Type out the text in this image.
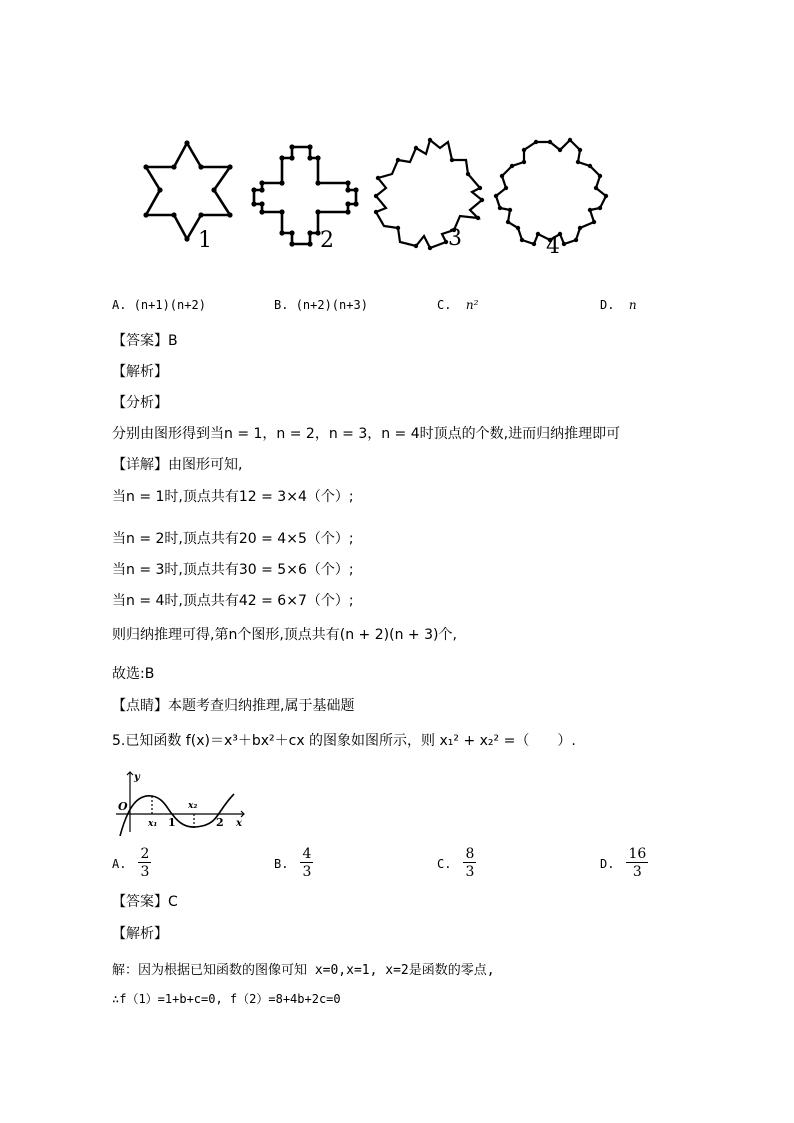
1	2	3	4
A. (n+1)(n+2)	B. (n+2)(n+3)	C. n²	D. n
【答案】B
【解析】
【分析】
分别由图形得到当n = 1，n = 2，n = 3，n = 4时顶点的个数,进而归纳推理即可
【详解】由图形可知,
当n = 1时,顶点共有12 = 3×4（个）;
当n = 2时,顶点共有20 = 4×5（个）;
当n = 3时,顶点共有30 = 5×6（个）;
当n = 4时,顶点共有42 = 6×7（个）;
则归纳推理可得,第n个图形,顶点共有(n + 2)(n + 3)个,
故选:B
【点睛】本题考查归纳推理,属于基础题
5.已知函数 f(x)＝x³＋bx²＋cx 的图象如图所示，则 x₁² + x₂² =（　　）.
y
O
x₁ 1
x₂
2 x
A. $\frac{2}{3}$	B. $\frac{4}{3}$	C. $\frac{8}{3}$	D. $\frac{16}{3}$
【答案】C
【解析】
解：因为根据已知函数的图像可知 x=0,x=1, x=2是函数的零点,
∴f（1）=1+b+c=0, f（2）=8+4b+2c=0
